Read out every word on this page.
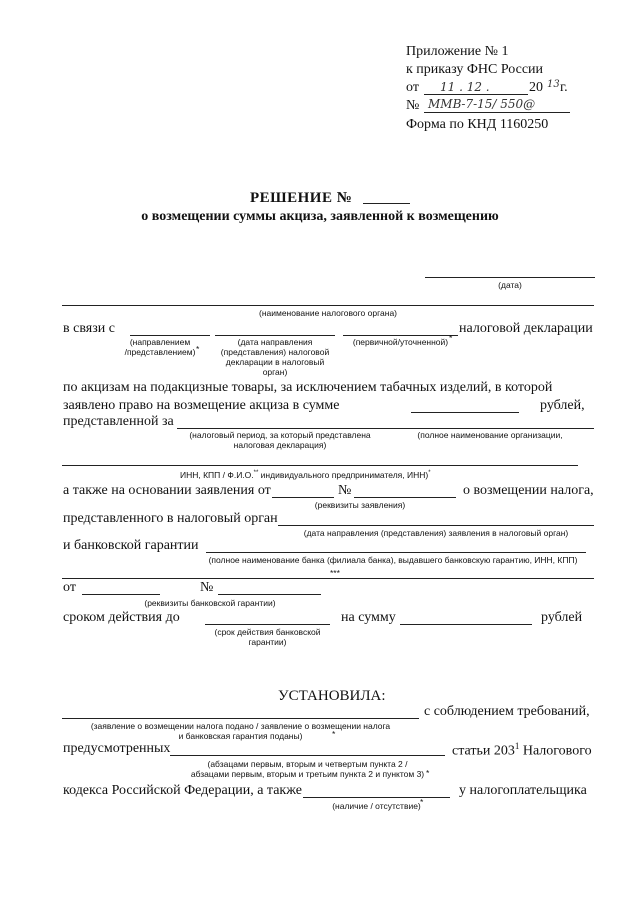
Приложение № 1
к приказу ФНС России
от 11 . 12 .	20 13 г.
№ ММВ-7-15/ 550@
Форма по КНД 1160250
РЕШЕНИЕ №
о возмещении суммы акциза, заявленной к возмещению
(дата)
(наименование налогового органа)
в связи с	налоговой декларации
(направлением
/представлением) *
(дата направления
(представления) налоговой
декларации в налоговый
орган)
(первичной/уточненной) *
по акцизам на подакцизные товары, за исключением табачных изделий, в которой
заявлено право на возмещение акциза в сумме	рублей,
представленной за
(налоговый период, за который представлена
налоговая декларация)
(полное наименование организации,
ИНН, КПП / Ф.И.О.** индивидуального предпринимателя, ИНН)*
а также на основании заявления от	№	о возмещении налога,
(реквизиты заявления)
представленного в налоговый орган
(дата направления (представления) заявления в налоговый орган)
и банковской гарантии
(полное наименование банка (филиала банка), выдавшего банковскую гарантию, ИНН, КПП)
***
от	№
(реквизиты банковской гарантии)
сроком действия до	на сумму	рублей
(срок действия банковской
гарантии)
УСТАНОВИЛА:
с соблюдением требований,
(заявление о возмещении налога подано / заявление о возмещении налога
и банковская гарантия поданы)	*
предусмотренных	статьи $203^1$ Налогового
(абзацами первым, вторым и четвертым пункта 2 /
абзацами первым, вторым и третьим пункта 2 и пунктом 3) *
кодекса Российской Федерации, а также	у налогоплательщика
(наличие / отсутствие) *
